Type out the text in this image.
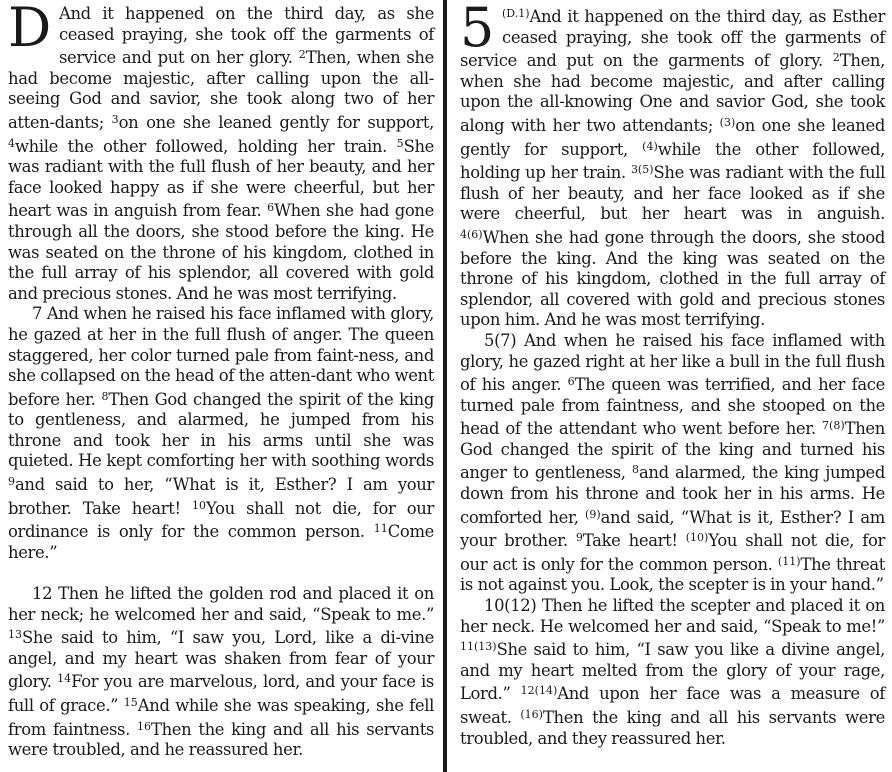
D And it happened on the third day, as she ceased praying, she took off the garments of service and put on her glory. $^2$Then, when she had become majestic, after calling upon the all-seeing God and savior, she took along two of her atten-dants; $^3$on one she leaned gently for support, $^4$while the other followed, holding her train. $^5$She was radiant with the full flush of her beauty, and her face looked happy as if she were cheerful, but her heart was in anguish from fear. $^6$When she had gone through all the doors, she stood before the king. He was seated on the throne of his kingdom, clothed in the full array of his splendor, all covered with gold and precious stones. And he was most terrifying.

7 And when he raised his face inflamed with glory, he gazed at her in the full flush of anger. The queen staggered, her color turned pale from faint-ness, and she collapsed on the head of the atten-dant who went before her. $^8$Then God changed the spirit of the king to gentleness, and alarmed, he jumped from his throne and took her in his arms until she was quieted. He kept comforting her with soothing words $^9$and said to her, “What is it, Esther? I am your brother. Take heart! $^{10}$You shall not die, for our ordinance is only for the common person. $^{11}$Come here.”

12 Then he lifted the golden rod and placed it on her neck; he welcomed her and said, “Speak to me.” $^{13}$She said to him, “I saw you, Lord, like a di-vine angel, and my heart was shaken from fear of your glory. $^{14}$For you are marvelous, lord, and your face is full of grace.” $^{15}$And while she was speaking, she fell from faintness. $^{16}$Then the king and all his servants were troubled, and he reassured her.

5 $^{(D.1)}$And it happened on the third day, as Esther ceased praying, she took off the garments of service and put on the garments of glory. $^2$Then, when she had become majestic, and after calling upon the all-knowing One and savior God, she took along with her two attendants; $^{(3)}$on one she leaned gently for support, $^{(4)}$while the other followed, holding up her train. $^{3(5)}$She was radiant with the full flush of her beauty, and her face looked as if she were cheerful, but her heart was in anguish. $^{4(6)}$When she had gone through the doors, she stood before the king. And the king was seated on the throne of his kingdom, clothed in the full array of splendor, all covered with gold and precious stones upon him. And he was most terrifying.

5(7) And when he raised his face inflamed with glory, he gazed right at her like a bull in the full flush of his anger. $^6$The queen was terrified, and her face turned pale from faintness, and she stooped on the head of the attendant who went before her. $^{7(8)}$Then God changed the spirit of the king and turned his anger to gentleness, $^8$and alarmed, the king jumped down from his throne and took her in his arms. He comforted her, $^{(9)}$and said, “What is it, Esther? I am your brother. $^9$Take heart! $^{(10)}$You shall not die, for our act is only for the common person. $^{(11)}$The threat is not against you. Look, the scepter is in your hand.”

10(12) Then he lifted the scepter and placed it on her neck. He welcomed her and said, “Speak to me!” $^{11(13)}$She said to him, “I saw you like a divine angel, and my heart melted from the glory of your rage, Lord.” $^{12(14)}$And upon her face was a measure of sweat. $^{(16)}$Then the king and all his servants were troubled, and they reassured her.
